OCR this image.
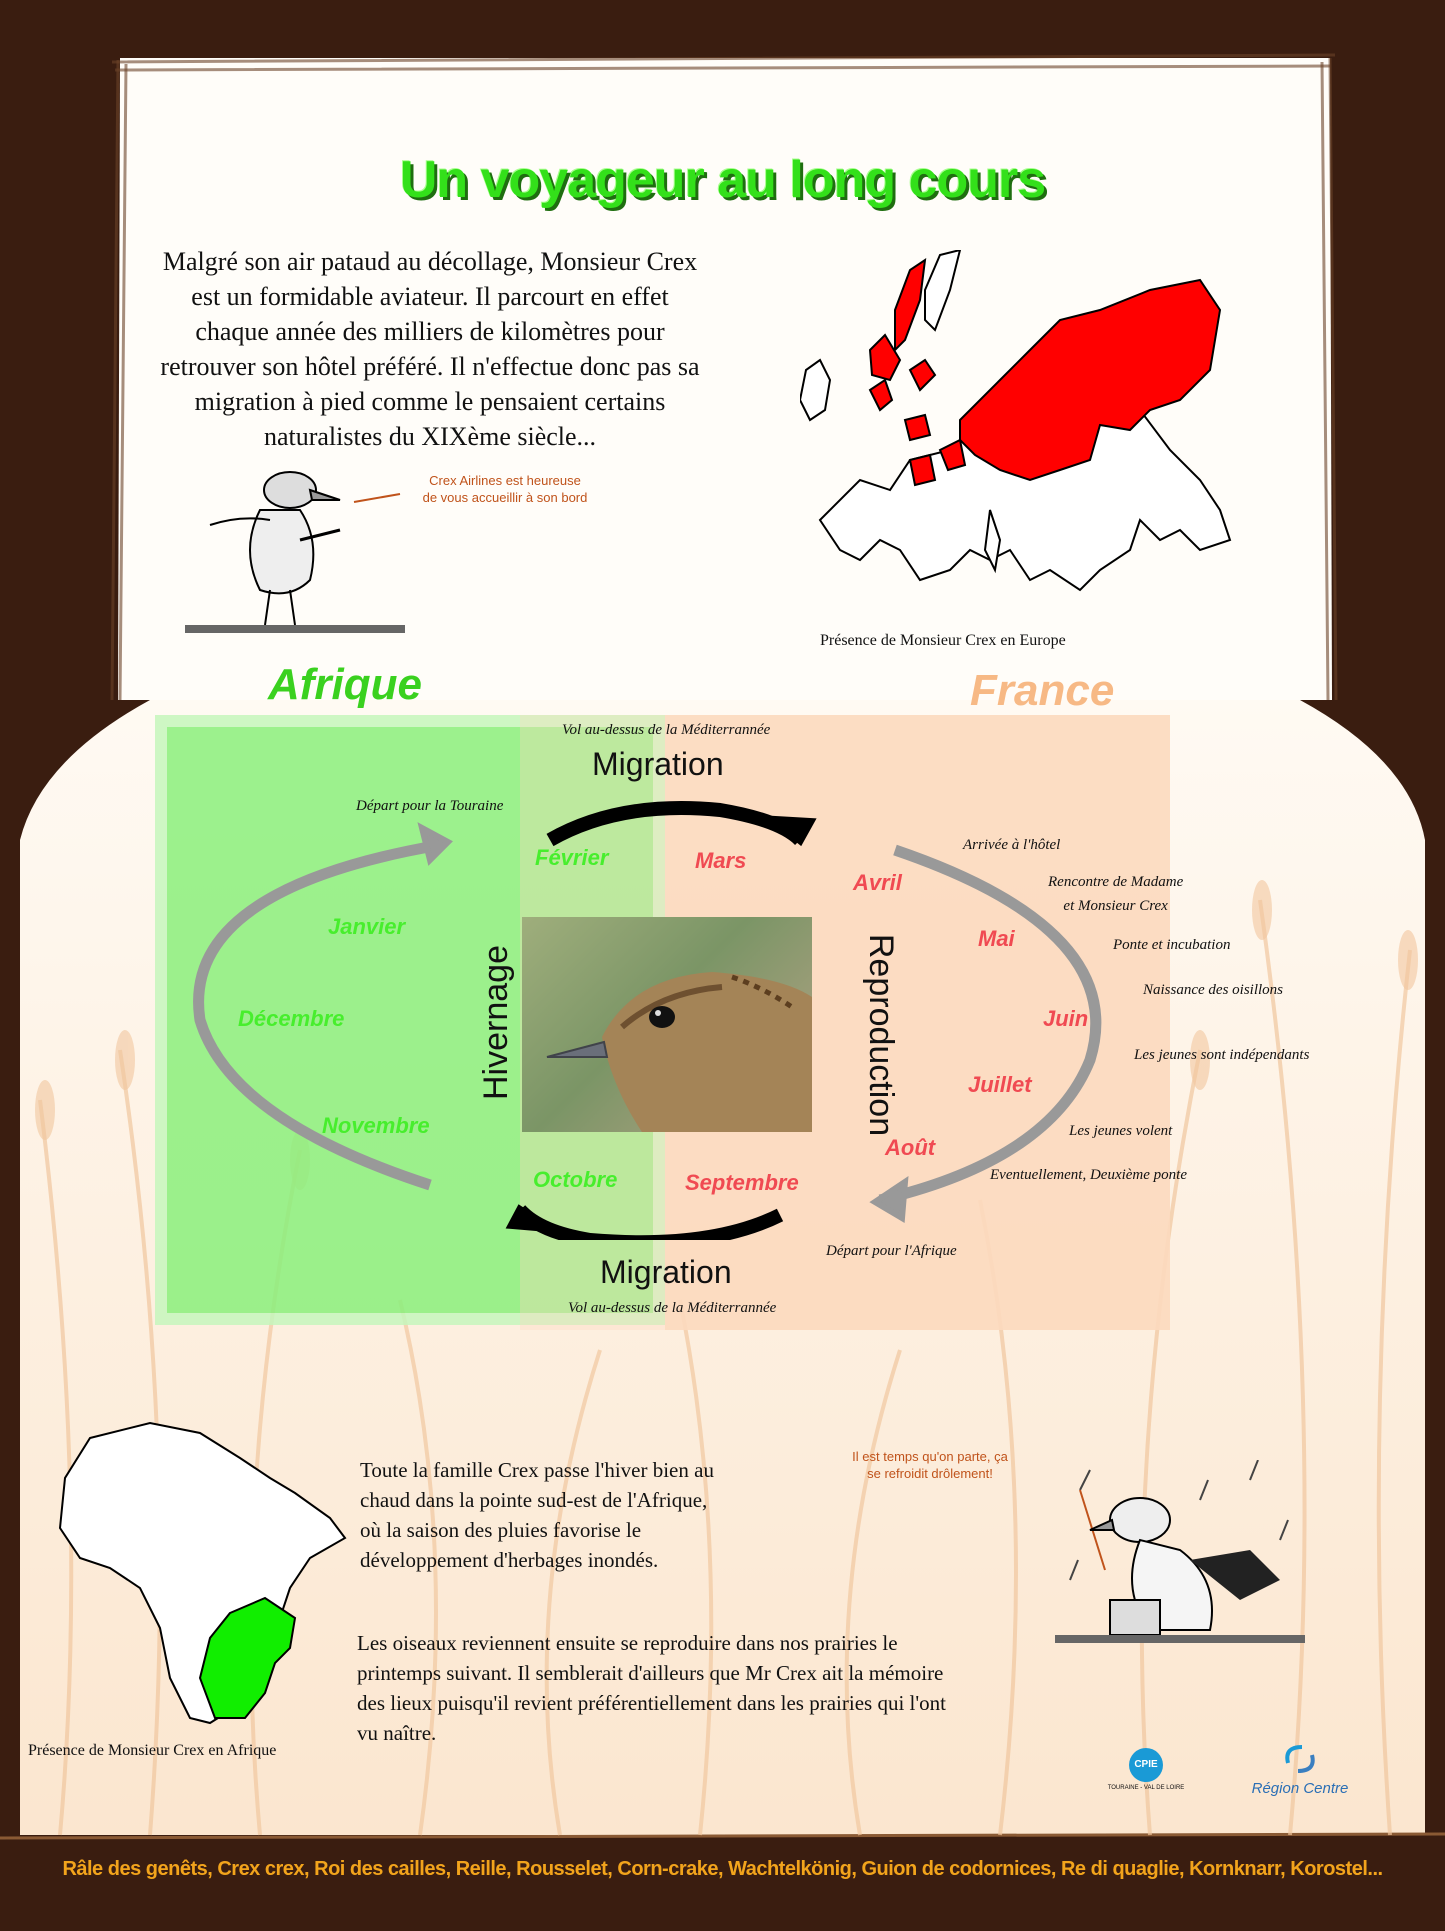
Un voyageur au long cours
Malgré son air pataud au décollage, Monsieur Crex est un formidable aviateur. Il parcourt en effet chaque année des milliers de kilomètres pour retrouver son hôtel préféré. Il n'effectue donc pas sa migration à pied comme le pensaient certains naturalistes du XIXème siècle...
Présence de Monsieur Crex en Europe
Crex Airlines est heureuse
de vous accueillir à son bord
Afrique	France
Hivernage	Reproduction
Vol au-dessus de la Méditerrannée
Migration
Migration
Vol au-dessus de la Méditerrannée
Février
Janvier
Décembre
Novembre
Octobre
Mars
Avril
Mai
Juin
Juillet
Août
Septembre
Départ pour la Touraine
Arrivée à l'hôtel
Rencontre de Madame
et Monsieur Crex
Ponte et incubation
Naissance des oisillons
Les jeunes sont indépendants
Les jeunes volent
Eventuellement, Deuxième ponte
Départ pour l'Afrique
Présence de Monsieur Crex en Afrique
Toute la famille Crex passe l'hiver bien au chaud dans la pointe sud-est de l'Afrique, où la saison des pluies favorise le développement d'herbages inondés.
Les oiseaux reviennent ensuite se reproduire dans nos prairies le printemps suivant. Il semblerait d'ailleurs que Mr Crex ait la mémoire des lieux puisqu'il revient préférentiellement dans les prairies qui l'ont vu naître.
Il est temps qu'on parte, ça
se refroidit drôlement!
CPIE
TOURAINE - VAL DE LOIRE	Région Centre
Râle des genêts, Crex crex, Roi des cailles, Reille, Rousselet, Corn-crake, Wachtelkönig, Guion de codornices, Re di quaglie, Kornknarr, Korostel...
